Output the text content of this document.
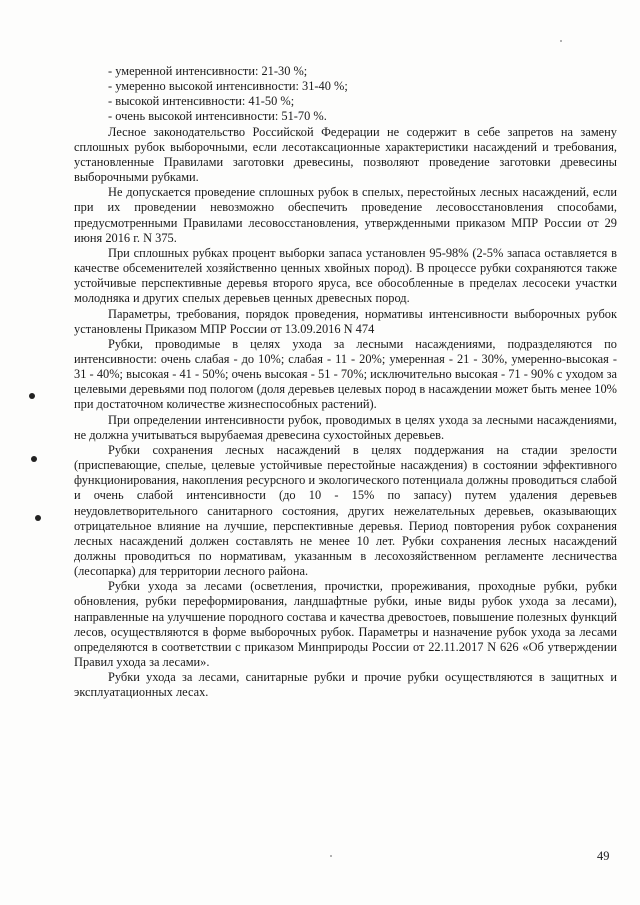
- умеренной интенсивности: 21-30 %;

- умеренно высокой интенсивности: 31-40 %;

- высокой интенсивности: 41-50 %;

- очень высокой интенсивности: 51-70 %.

Лесное законодательство Российской Федерации не содержит в себе запретов на замену сплошных рубок выборочными, если лесотаксационные характеристики насаждений и требования, установленные Правилами заготовки древесины, позволяют проведение заготовки древесины выборочными рубками.

Не допускается проведение сплошных рубок в спелых, перестойных лесных насаждений, если при их проведении невозможно обеспечить проведение лесовосстановления способами, предусмотренными Правилами лесовосстановления, утвержденными приказом МПР России от 29 июня 2016 г. N 375.

При сплошных рубках процент выборки запаса установлен 95-98% (2-5% запаса оставляется в качестве обсеменителей хозяйственно ценных хвойных пород). В процессе рубки сохраняются также устойчивые перспективные деревья второго яруса, все обособленные в пределах лесосеки участки молодняка и других спелых деревьев ценных древесных пород.

Параметры, требования, порядок проведения, нормативы интенсивности выборочных рубок установлены Приказом МПР России от 13.09.2016 N 474

Рубки, проводимые в целях ухода за лесными насаждениями, подразделяются по интенсивности: очень слабая - до 10%; слабая - 11 - 20%; умеренная - 21 - 30%, умеренно-высокая - 31 - 40%; высокая - 41 - 50%; очень высокая - 51 - 70%; исключительно высокая - 71 - 90% с уходом за целевыми деревьями под пологом (доля деревьев целевых пород в насаждении может быть менее 10% при достаточном количестве жизнеспособных растений).

При определении интенсивности рубок, проводимых в целях ухода за лесными насаждениями, не должна учитываться вырубаемая древесина сухостойных деревьев.

Рубки сохранения лесных насаждений в целях поддержания на стадии зрелости (приспевающие, спелые, целевые устойчивые перестойные насаждения) в состоянии эффективного функционирования, накопления ресурсного и экологического потенциала должны проводиться слабой и очень слабой интенсивности (до 10 - 15% по запасу) путем удаления деревьев неудовлетворительного санитарного состояния, других нежелательных деревьев, оказывающих отрицательное влияние на лучшие, перспективные деревья. Период повторения рубок сохранения лесных насаждений должен составлять не менее 10 лет. Рубки сохранения лесных насаждений должны проводиться по нормативам, указанным в лесохозяйственном регламенте лесничества (лесопарка) для территории лесного района.

Рубки ухода за лесами (осветления, прочистки, прореживания, проходные рубки, рубки обновления, рубки переформирования, ландшафтные рубки, иные виды рубок ухода за лесами), направленные на улучшение породного состава и качества древостоев, повышение полезных функций лесов, осуществляются в форме выборочных рубок. Параметры и назначение рубок ухода за лесами определяются в соответствии с приказом Минприроды России от 22.11.2017 N 626 «Об утверждении Правил ухода за лесами».

Рубки ухода за лесами, санитарные рубки и прочие рубки осуществляются в защитных и эксплуатационных лесах.

49
